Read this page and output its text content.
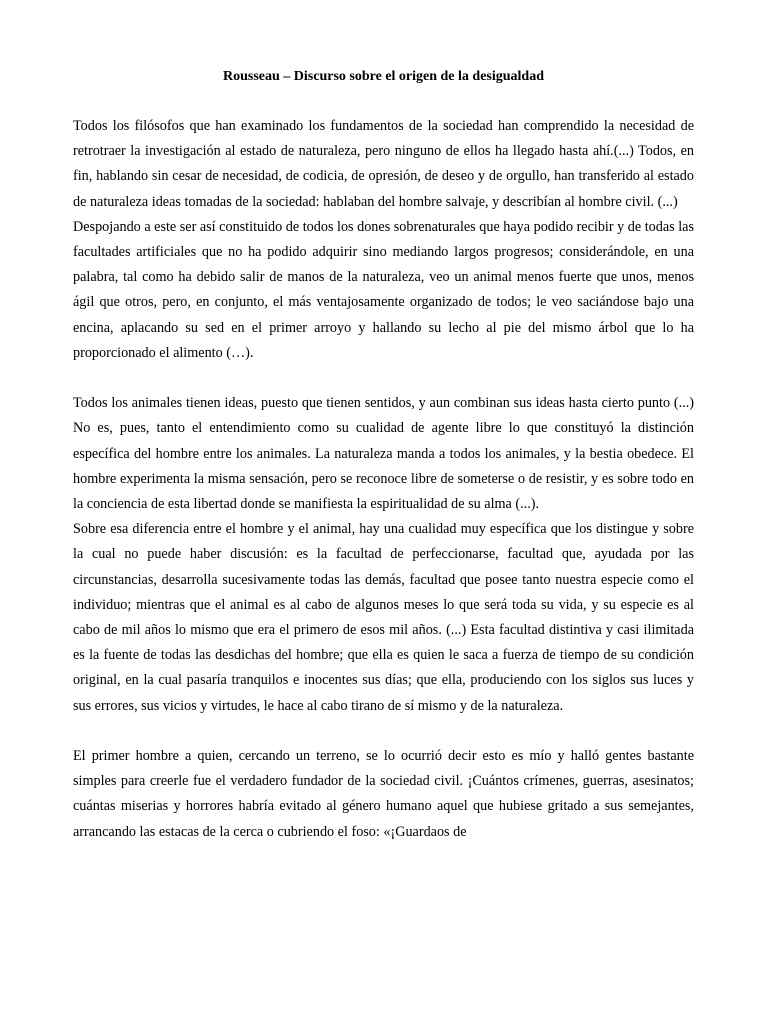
Rousseau – Discurso sobre el origen de la desigualdad

Todos los filósofos que han examinado los fundamentos de la sociedad han comprendido la necesidad de retrotraer la investigación al estado de naturaleza, pero ninguno de ellos ha llegado hasta ahí.(...) Todos, en fin, hablando sin cesar de necesidad, de codicia, de opresión, de deseo y de orgullo, han transferido al estado de naturaleza ideas tomadas de la sociedad: hablaban del hombre salvaje, y describían al hombre civil. (...)

Despojando a este ser así constituido de todos los dones sobrenaturales que haya podido recibir y de todas las facultades artificiales que no ha podido adquirir sino mediando largos progresos; considerándole, en una palabra, tal como ha debido salir de manos de la naturaleza, veo un animal menos fuerte que unos, menos ágil que otros, pero, en conjunto, el más ventajosamente organizado de todos; le veo saciándose bajo una encina, aplacando su sed en el primer arroyo y hallando su lecho al pie del mismo árbol que lo ha proporcionado el alimento (…).

Todos los animales tienen ideas, puesto que tienen sentidos, y aun combinan sus ideas hasta cierto punto (...) No es, pues, tanto el entendimiento como su cualidad de agente libre lo que constituyó la distinción específica del hombre entre los animales. La naturaleza manda a todos los animales, y la bestia obedece. El hombre experimenta la misma sensación, pero se reconoce libre de someterse o de resistir, y es sobre todo en la conciencia de esta libertad donde se manifiesta la espiritualidad de su alma (...).

Sobre esa diferencia entre el hombre y el animal, hay una cualidad muy específica que los distingue y sobre la cual no puede haber discusión: es la facultad de perfeccionarse, facultad que, ayudada por las circunstancias, desarrolla sucesivamente todas las demás, facultad que posee tanto nuestra especie como el individuo; mientras que el animal es al cabo de algunos meses lo que será toda su vida, y su especie es al cabo de mil años lo mismo que era el primero de esos mil años. (...) Esta facultad distintiva y casi ilimitada es la fuente de todas las desdichas del hombre; que ella es quien le saca a fuerza de tiempo de su condición original, en la cual pasaría tranquilos e inocentes sus días; que ella, produciendo con los siglos sus luces y sus errores, sus vicios y virtudes, le hace al cabo tirano de sí mismo y de la naturaleza.

El primer hombre a quien, cercando un terreno, se lo ocurrió decir esto es mío y halló gentes bastante simples para creerle fue el verdadero fundador de la sociedad civil. ¡Cuántos crímenes, guerras, asesinatos; cuántas miserias y horrores habría evitado al género humano aquel que hubiese gritado a sus semejantes, arrancando las estacas de la cerca o cubriendo el foso: «¡Guardaos de
